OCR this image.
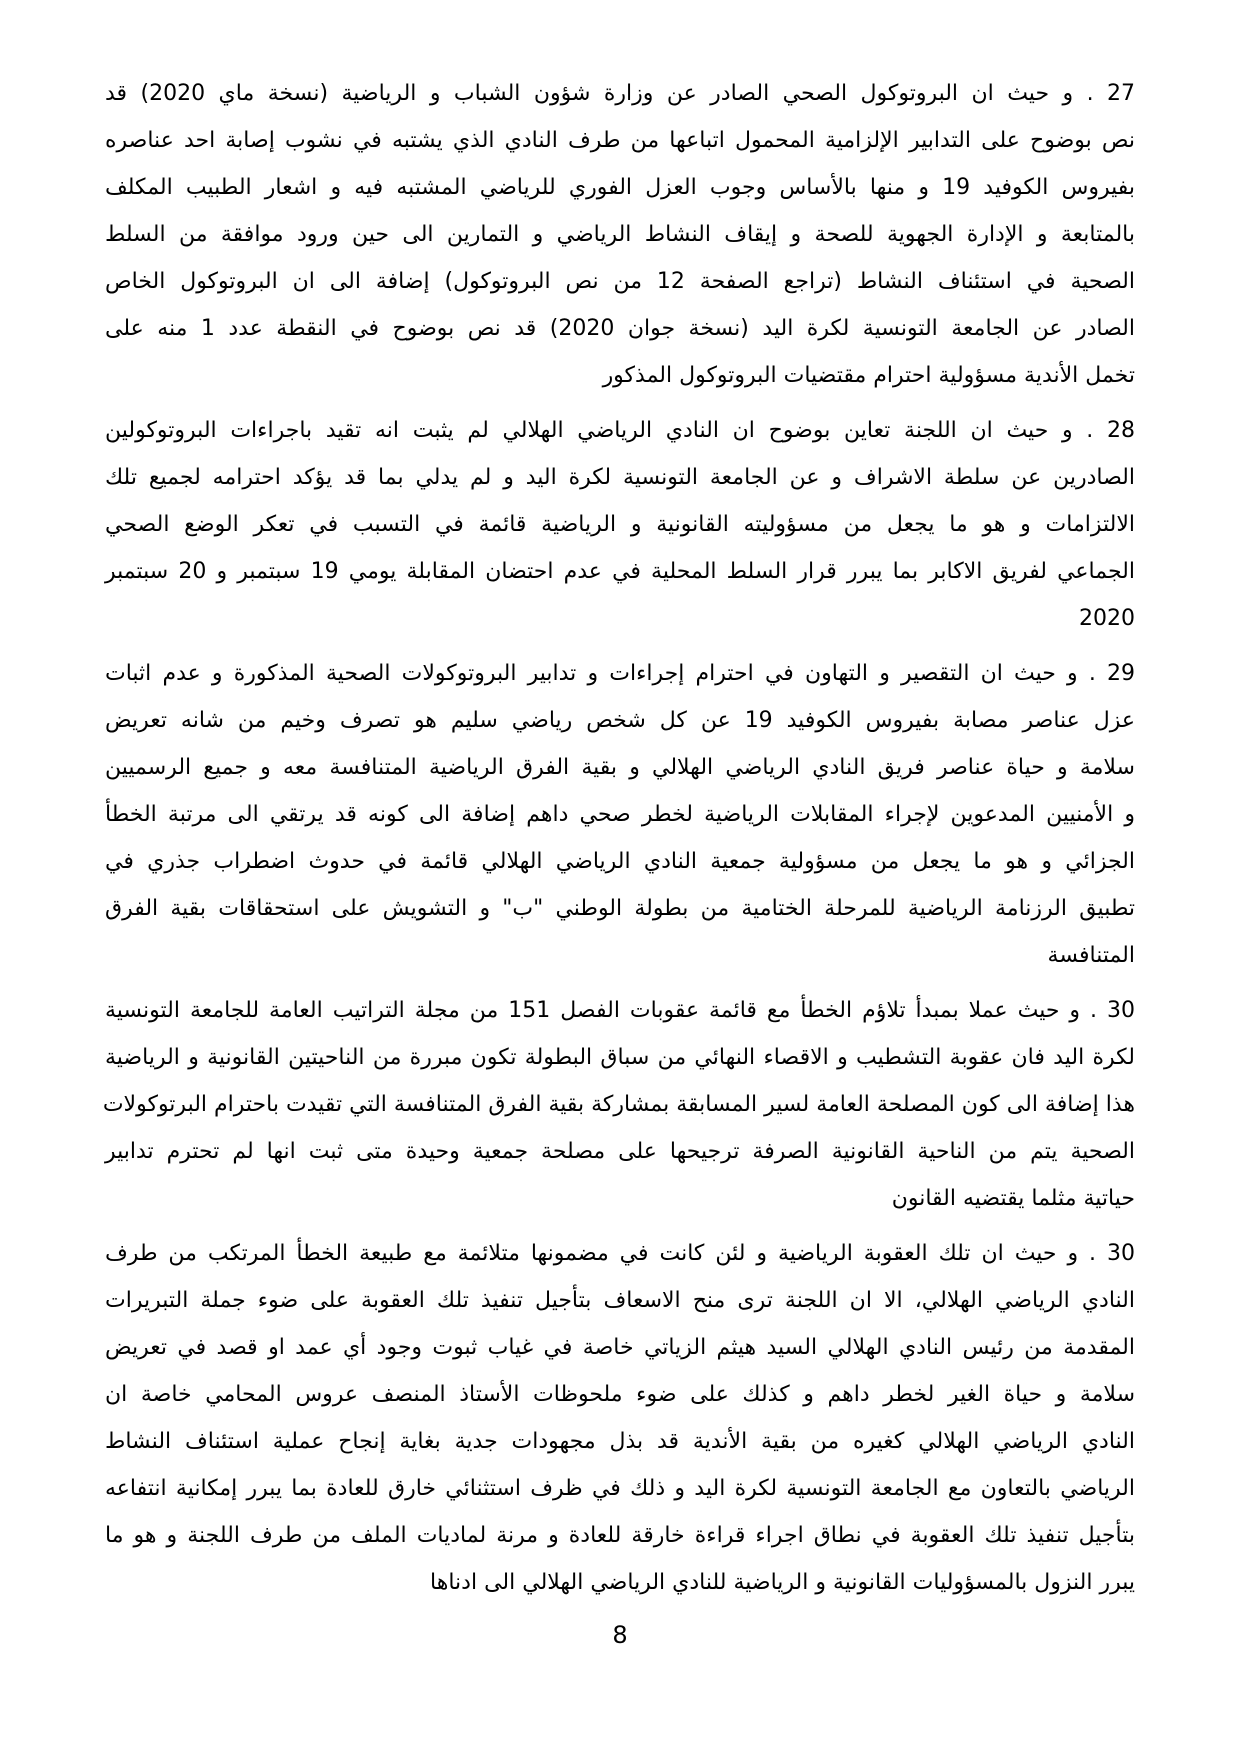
27 . و حيث ان البروتوكول الصحي الصادر عن وزارة شؤون الشباب و الرياضية (نسخة ماي 2020) قد
نص بوضوح على التدابير الإلزامية المحمول اتباعها من طرف النادي الذي يشتبه في نشوب إصابة احد عناصره
بفيروس الكوفيد 19 و منها بالأساس وجوب العزل الفوري للرياضي المشتبه فيه و اشعار الطبيب المكلف
بالمتابعة و الإدارة الجهوية للصحة و إيقاف النشاط الرياضي و التمارين الى حين ورود موافقة من السلط
الصحية في استئناف النشاط (تراجع الصفحة 12 من نص البروتوكول) إضافة الى ان البروتوكول الخاص
الصادر عن الجامعة التونسية لكرة اليد (نسخة جوان 2020) قد نص بوضوح في النقطة عدد 1 منه على
تخمل الأندية مسؤولية احترام مقتضيات البروتوكول المذكور
28 . و حيث ان اللجنة تعاين بوضوح ان النادي الرياضي الهلالي لم يثبت انه تقيد باجراءات البروتوكولين
الصادرين عن سلطة الاشراف و عن الجامعة التونسية لكرة اليد و لم يدلي بما قد يؤكد احترامه لجميع تلك
الالتزامات و هو ما يجعل من مسؤوليته القانونية و الرياضية قائمة في التسبب في تعكر الوضع الصحي
الجماعي لفريق الاكابر بما يبرر قرار السلط المحلية في عدم احتضان المقابلة يومي 19 سبتمبر و 20 سبتمبر
2020
29 . و حيث ان التقصير و التهاون في احترام إجراءات و تدابير البروتوكولات الصحية المذكورة و عدم اثبات
عزل عناصر مصابة بفيروس الكوفيد 19 عن كل شخص رياضي سليم هو تصرف وخيم من شانه تعريض
سلامة و حياة عناصر فريق النادي الرياضي الهلالي و بقية الفرق الرياضية المتنافسة معه و جميع الرسميين
و الأمنيين المدعوين لإجراء المقابلات الرياضية لخطر صحي داهم إضافة الى كونه قد يرتقي الى مرتبة الخطأ
الجزائي و هو ما يجعل من مسؤولية جمعية النادي الرياضي الهلالي قائمة في حدوث اضطراب جذري في
تطبيق الرزنامة الرياضية للمرحلة الختامية من بطولة الوطني "ب" و التشويش على استحقاقات بقية الفرق
المتنافسة
30 . و حيث عملا بمبدأ تلاؤم الخطأ مع قائمة عقوبات الفصل 151 من مجلة التراتيب العامة للجامعة التونسية
لكرة اليد فان عقوبة التشطيب و الاقصاء النهائي من سباق البطولة تكون مبررة من الناحيتين القانونية و الرياضية
هذا إضافة الى كون المصلحة العامة لسير المسابقة بمشاركة بقية الفرق المتنافسة التي تقيدت باحترام البرتوكولات
الصحية يتم من الناحية القانونية الصرفة ترجيحها على مصلحة جمعية وحيدة متى ثبت انها لم تحترم تدابير
حياتية مثلما يقتضيه القانون
30 . و حيث ان تلك العقوبة الرياضية و لئن كانت في مضمونها متلائمة مع طبيعة الخطأ المرتكب من طرف
النادي الرياضي الهلالي، الا ان اللجنة ترى منح الاسعاف بتأجيل تنفيذ تلك العقوبة على ضوء جملة التبريرات
المقدمة من رئيس النادي الهلالي السيد هيثم الزياتي خاصة في غياب ثبوت وجود أي عمد او قصد في تعريض
سلامة و حياة الغير لخطر داهم و كذلك على ضوء ملحوظات الأستاذ المنصف عروس المحامي خاصة ان
النادي الرياضي الهلالي كغيره من بقية الأندية قد بذل مجهودات جدية بغاية إنجاح عملية استئناف النشاط
الرياضي بالتعاون مع الجامعة التونسية لكرة اليد و ذلك في ظرف استثنائي خارق للعادة بما يبرر إمكانية انتفاعه
بتأجيل تنفيذ تلك العقوبة في نطاق اجراء قراءة خارقة للعادة و مرنة لماديات الملف من طرف اللجنة و هو ما
يبرر النزول بالمسؤوليات القانونية و الرياضية للنادي الرياضي الهلالي الى ادناها
8
